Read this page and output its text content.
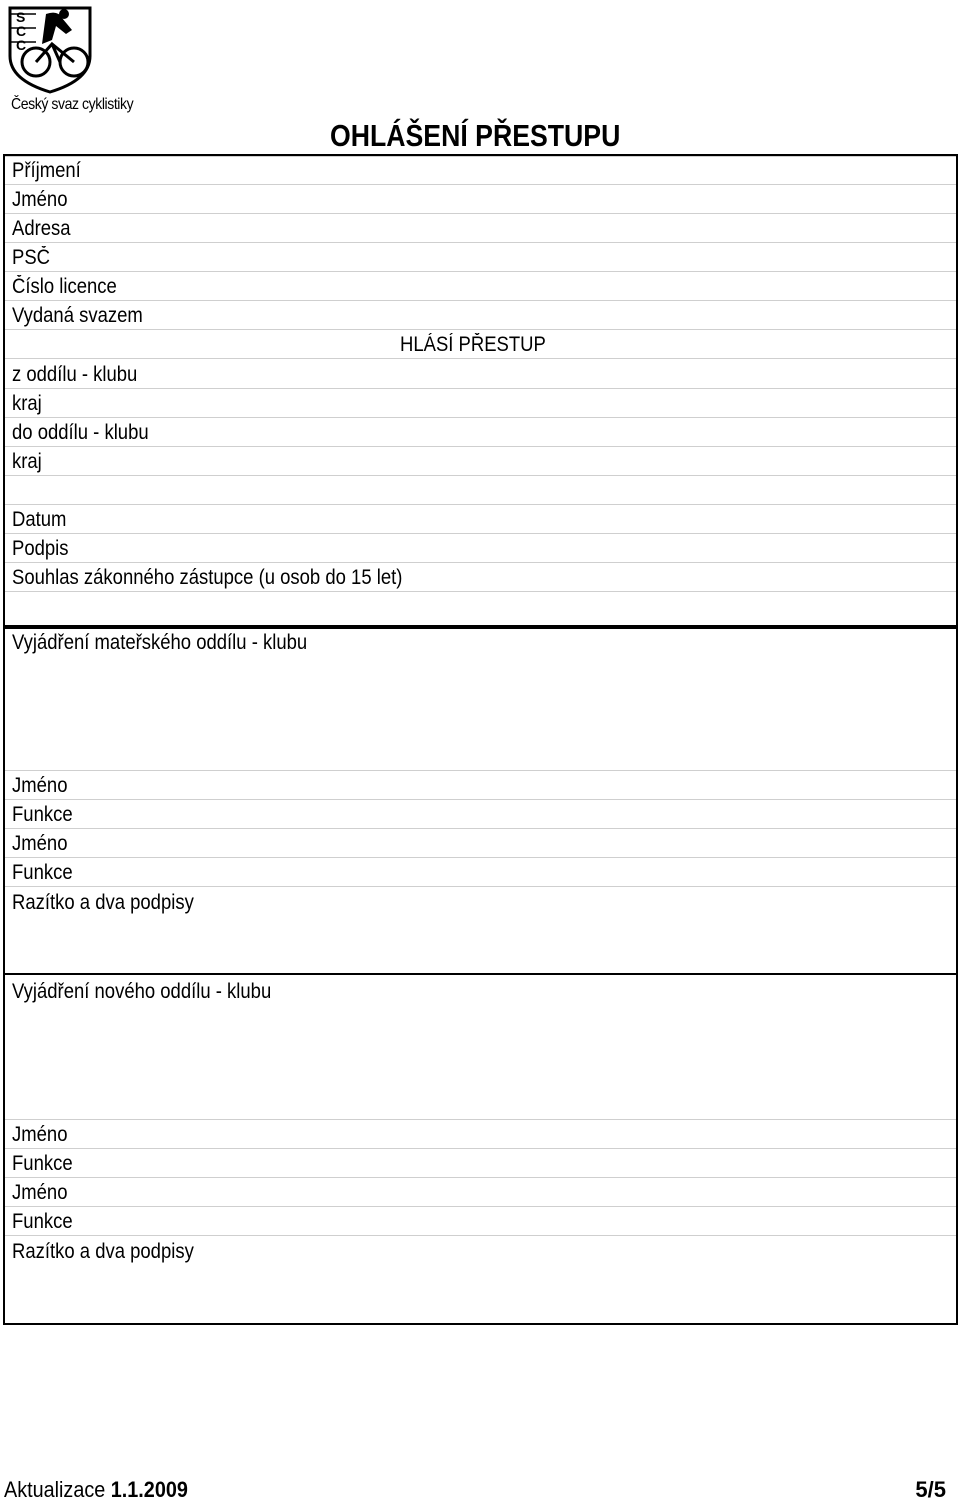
S
C
C
Český svaz cyklistiky
OHLÁŠENÍ PŘESTUPU
Příjmení
Jméno
Adresa
PSČ
Číslo licence
Vydaná svazem
HLÁSÍ PŘESTUP
z oddílu - klubu
kraj
do oddílu - klubu
kraj
Datum
Podpis
Souhlas zákonného zástupce (u osob do 15 let)
Vyjádření mateřského oddílu - klubu
Jméno
Funkce
Jméno
Funkce
Razítko a dva podpisy
Vyjádření nového oddílu - klubu
Jméno
Funkce
Jméno
Funkce
Razítko a dva podpisy
Aktualizace 1.1.2009	5/5
